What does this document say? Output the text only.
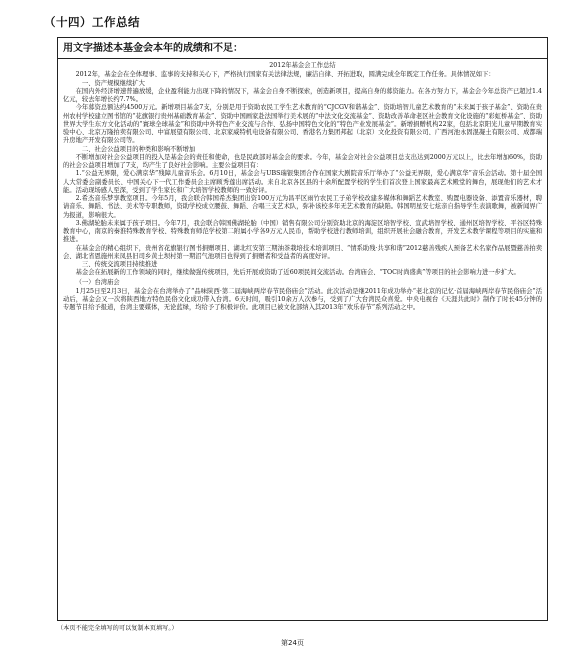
（十四）工作总结
用文字描述本基金会本年的成绩和不足：
2012年基金会工作总结

2012年，基金会在全体理事、监事的支持和关心下，严格执行国家有关法律法规，廉洁自律、开拓进取，圆满完成全年既定工作任务。具体情况如下：

一、资产规模继续扩大

在国内外经济增速普遍放缓，企业盈利能力出现下降的情况下，基金会自身不断探索，创造新项目，提高自身的募资能力。在各方努力下，基金会今年总资产已超过1.4亿元，较去年增长约7.7%。

今年募资总额达约4500万元。新增项目基金7支，分别是用于资助农民工学生艺术教育的“CJCGV和谐基金”、资助培智儿童艺术教育的“未来属于孩子基金”、资助在贵州农村学校建立图书馆的“花旗银行贵州基础教育基金”、资助中国画家赴法国举行美术展的“中法文化交流基金”、资助改善革命老区社会教育文化设施的“彩虹桥基金”、资助世界大学生东方文化活动的“寰球全球基金”和资助中外特色产业交流与合作、弘扬中国特色文化的“特色产业发展基金”。新增捐赠机构22家，包括北京阳光儿童早期教育实验中心、北京万隆拍卖有限公司、中富展望有限公司、北京家威特机电设备有限公司、香港名力集团邦起（北京）文化投资有限公司、广西河池永固混凝土有限公司、成都瑞升房地产开发有限公司等。

二、社会公益项目的种类和影响不断增加

不断增加对社会公益项目的投入是基金会的责任和使命，也是民政部对基金会的要求。今年，基金会对社会公益项目总支出达到2000万元以上，比去年增加60%，资助的社会公益项目增加了7支，均产生了良好社会影响。主要公益项目有：

1.“公益无界限，爱心满京华”残障儿童音乐会。6月10日，基金会与UBS瑞银集团合作在国家大剧院音乐厅举办了“公益无界限，爱心满京华”音乐会活动。第十届全国人大常委会副委员长、中国关心下一代工作委员会主席顾秀莲出席活动。来自北京各区县的十余所配置学校的学生们首次登上国家最高艺术殿堂的舞台，展现他们的艺术才能。活动现场感人至深，受到了学生家长和广大培智学校教师的一致好评。

2.希杰音乐梦享教室项目。今年5月，我会联合韩国希杰集团出资100万元为昌平区雨竹农民工子弟学校改建多媒体和舞蹈艺术教室、购置电器设备、添置音乐器材，聘请音乐、舞蹈、书法、美术等专职教师，资助学校成立腰鼓、舞蹈、合唱三支艺术队，弥补该校多年无艺术教育的缺陷。韩国明星安七炫亲自指导学生表演歌舞，被新闻界广为报道，影响很大。

3.佛湖轮胎未来属于孩子项目。今年7月，我会联合韩国佛湖轮胎（中国）销售有限公司分别资助北京的海淀区培智学校、宣武培智学校、通州区培智学校、平谷区特殊教育中心，南京的秦淮特殊教育学校、特殊教育师范学校第二附属小学各9万元人民币，帮助学校进行教师培训，组织开展社会融合教育，开发艺术教学课程等项目的实施和推进。

在基金会的精心组织下，贵州省花旗银行图书捐赠项目、湖北红安第三期油茶栽培技术培训项目、“情系助残·共享和谐”2012慈善残疾人预备艺术名家作品展暨慈善拍卖会、湖北省恩施州来凤县旧司乡黄土坝村第一期沼气池项目也得到了捐赠者和受益者的高度好评。

三、传统交流项目持续推进

基金会在拓展新的工作领域的同时，继续做强传统项目，先后开展或资助了近60项民间交流活动。台湾庙会、“TOC时尚盛典”等项目的社会影响力进一步扩大。

（一）台湾庙会

1月25日至2月3日，基金会在台湾举办了“品味陕西·第二届海峡两岸春节民俗庙会”活动。此次活动是继2011年成功举办“老北京的记忆·首届海峡两岸春节民俗庙会”活动后，基金会又一次将陕西地方特色民俗文化成功带入台湾。6天时间，吸引10余万人次参与，受到了广大台湾民众喜爱。中央电视台《天涯共此时》制作了时长45分钟的专题节目给予报道，台湾主要媒体，无论蓝绿，均给予了积极评价。此项目已被文化部纳入其2013年“欢乐春节”系列活动之中。

（本页不能完全填写的可以复制本页填写。）
第24页
